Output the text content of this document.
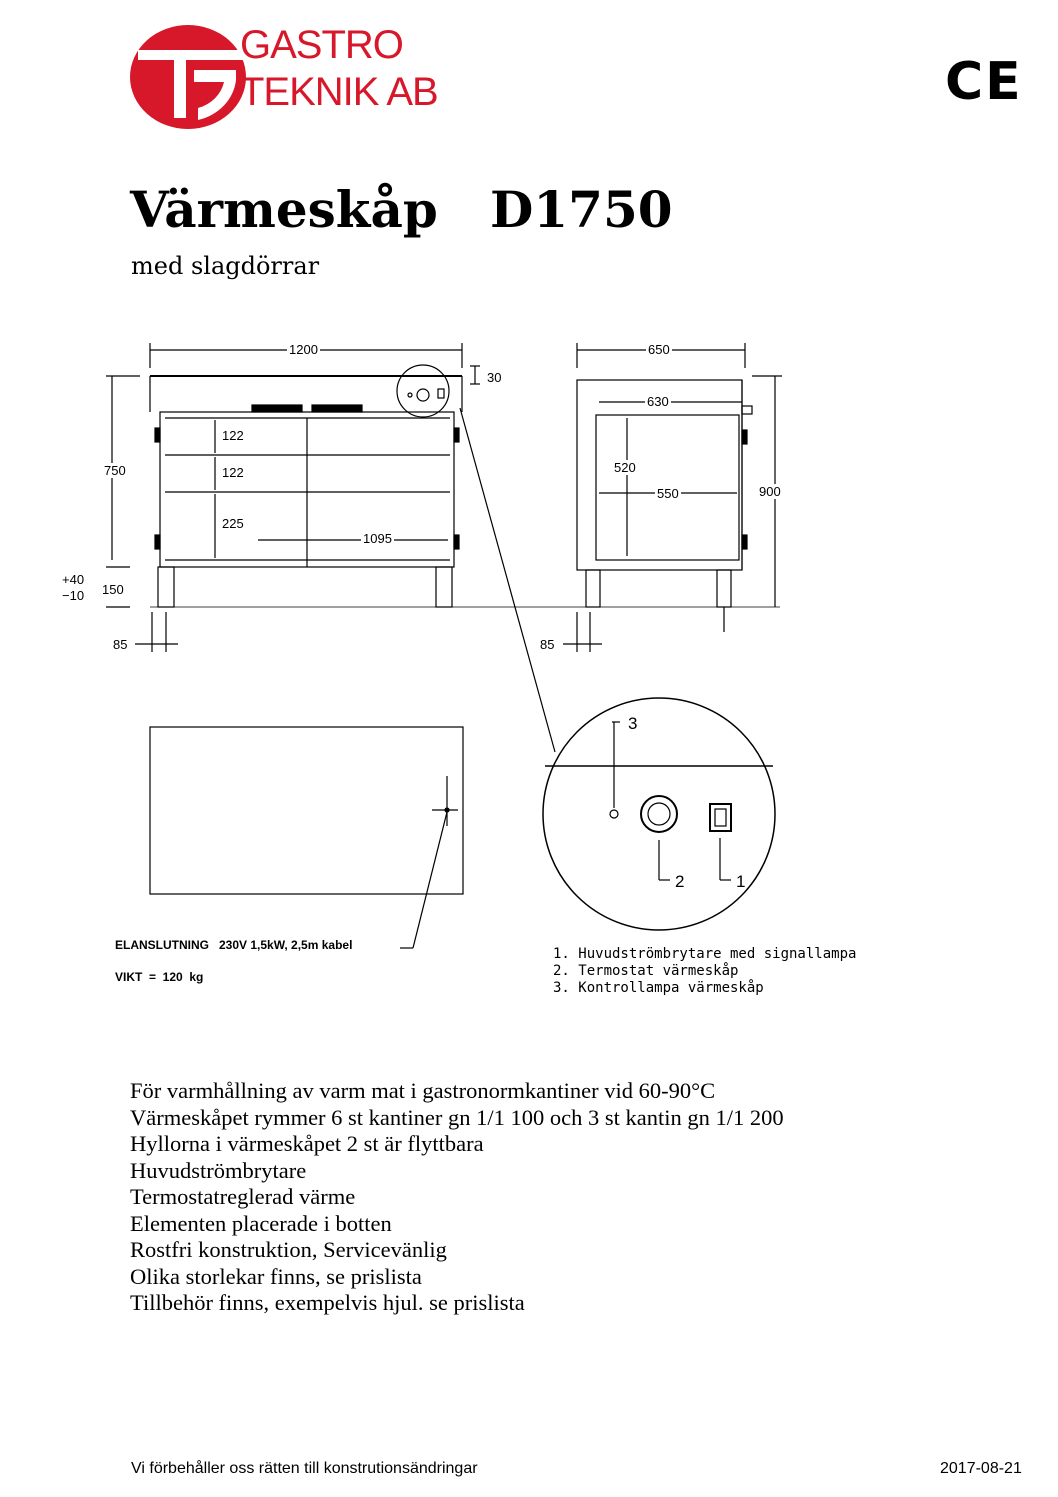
GASTRO
TEKNIK AB	CE
Värmeskåp   D1750
med slagdörrar
1200	650
630
30
750
900
122
122
225
1095
520
550
150
+40
−10
85	85
3
2	1
ELANSLUTNING   230V 1,5kW, 2,5m kabel
VIKT  =  120  kg
1. Huvudströmbrytare med signallampa
2. Termostat värmeskåp
3. Kontrollampa värmeskåp
För varmhållning av varm mat i gastronormkantiner vid 60-90°C
Värmeskåpet rymmer 6 st kantiner gn 1/1 100 och 3 st kantin gn 1/1 200
Hyllorna i värmeskåpet 2 st är flyttbara
Huvudströmbrytare
Termostatreglerad värme
Elementen placerade i botten
Rostfri konstruktion, Servicevänlig
Olika storlekar finns, se prislista
Tillbehör finns, exempelvis hjul. se prislista
Vi förbehåller oss rätten till konstrutionsändringar	2017-08-21
